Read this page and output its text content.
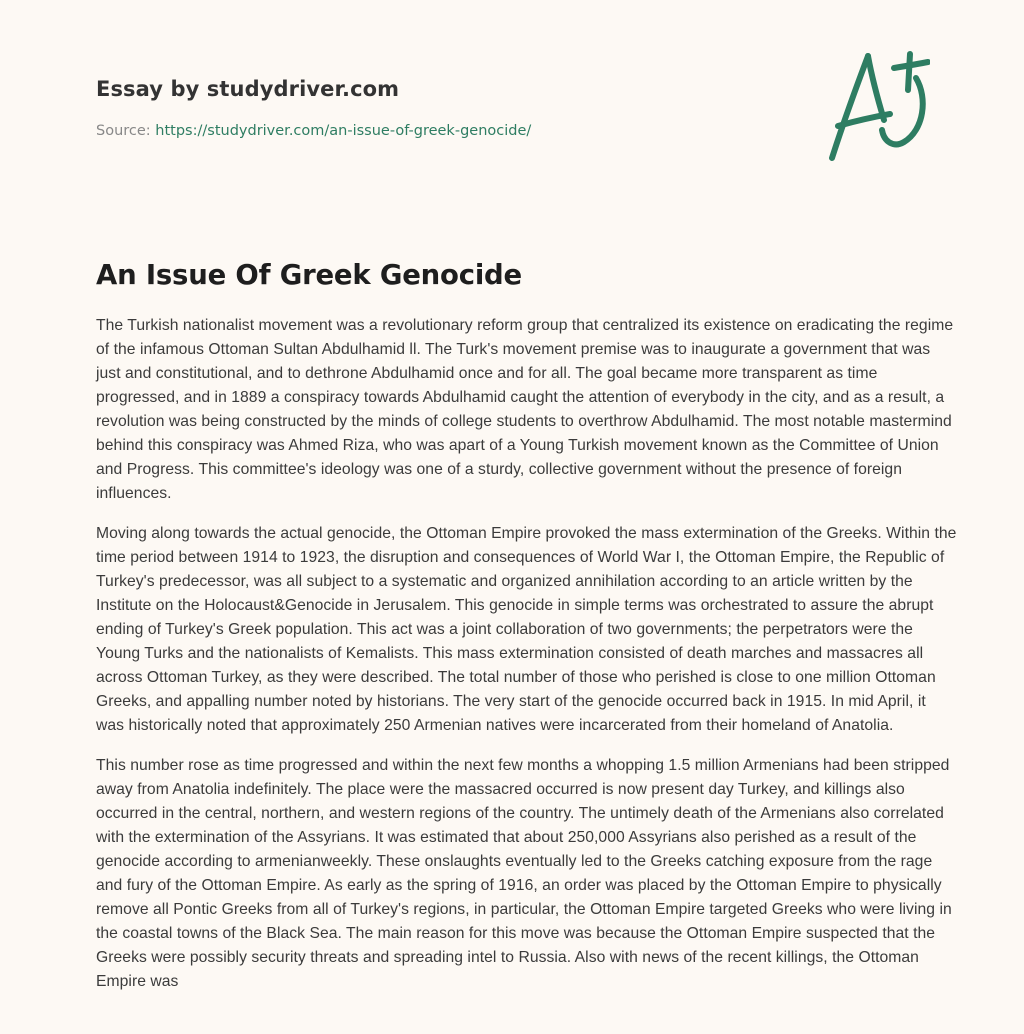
Essay by studydriver.com
Source: https://studydriver.com/an-issue-of-greek-genocide/
An Issue Of Greek Genocide

The Turkish nationalist movement was a revolutionary reform group that centralized its existence on eradicating the regime of the infamous Ottoman Sultan Abdulhamid ll. The Turk's movement premise was to inaugurate a government that was just and constitutional, and to dethrone Abdulhamid once and for all. The goal became more transparent as time progressed, and in 1889 a conspiracy towards Abdulhamid caught the attention of everybody in the city, and as a result, a revolution was being constructed by the minds of college students to overthrow Abdulhamid. The most notable mastermind behind this conspiracy was Ahmed Riza, who was apart of a Young Turkish movement known as the Committee of Union and Progress. This committee's ideology was one of a sturdy, collective government without the presence of foreign influences.

Moving along towards the actual genocide, the Ottoman Empire provoked the mass extermination of the Greeks. Within the time period between 1914 to 1923, the disruption and consequences of World War I, the Ottoman Empire, the Republic of Turkey's predecessor, was all subject to a systematic and organized annihilation according to an article written by the Institute on the Holocaust&Genocide in Jerusalem. This genocide in simple terms was orchestrated to assure the abrupt ending of Turkey's Greek population. This act was a joint collaboration of two governments; the perpetrators were the Young Turks and the nationalists of Kemalists. This mass extermination consisted of death marches and massacres all across Ottoman Turkey, as they were described. The total number of those who perished is close to one million Ottoman Greeks, and appalling number noted by historians. The very start of the genocide occurred back in 1915. In mid April, it was historically noted that approximately 250 Armenian natives were incarcerated from their homeland of Anatolia.

This number rose as time progressed and within the next few months a whopping 1.5 million Armenians had been stripped away from Anatolia indefinitely. The place were the massacred occurred is now present day Turkey, and killings also occurred in the central, northern, and western regions of the country. The untimely death of the Armenians also correlated with the extermination of the Assyrians. It was estimated that about 250,000 Assyrians also perished as a result of the genocide according to armenianweekly. These onslaughts eventually led to the Greeks catching exposure from the rage and fury of the Ottoman Empire. As early as the spring of 1916, an order was placed by the Ottoman Empire to physically remove all Pontic Greeks from all of Turkey's regions, in particular, the Ottoman Empire targeted Greeks who were living in the coastal towns of the Black Sea. The main reason for this move was because the Ottoman Empire suspected that the Greeks were possibly security threats and spreading intel to Russia. Also with news of the recent killings, the Ottoman Empire was
